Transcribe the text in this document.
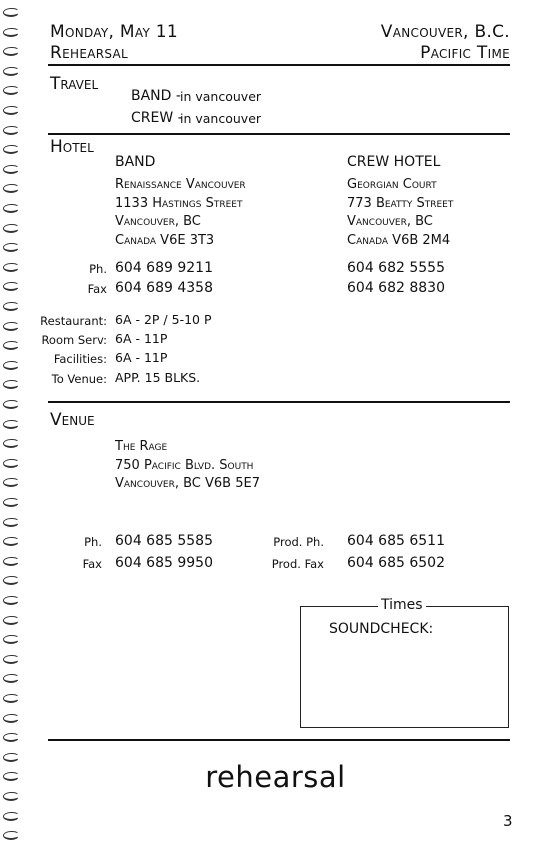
Monday, May 11
Rehearsal
Vancouver, B.C.
Pacific Time
Travel
BAND - in vancouver
CREW -
in vancouver
Hotel
BAND	CREW HOTEL
Renaissance Vancouver
1133 Hastings Street
Vancouver, BC
Canada V6E 3T3
Georgian Court
773 Beatty Street
Vancouver, BC
Canada V6B 2M4
Ph. 604 689 9211	604 682 5555
Fax 604 689 4358	604 682 8830
Restaurant: 6A - 2P / 5-10 P
Room Serv: 6A - 11P
Facilities: 6A - 11P
To Venue: APP. 15 BLKS.
Venue
The Rage
750 Pacific Blvd. South
Vancouver, BC V6B 5E7
Ph. 604 685 5585
Fax 604 685 9950
Prod. Ph. 604 685 6511
Prod. Fax 604 685 6502
Times
SOUNDCHECK:
rehearsal
3
